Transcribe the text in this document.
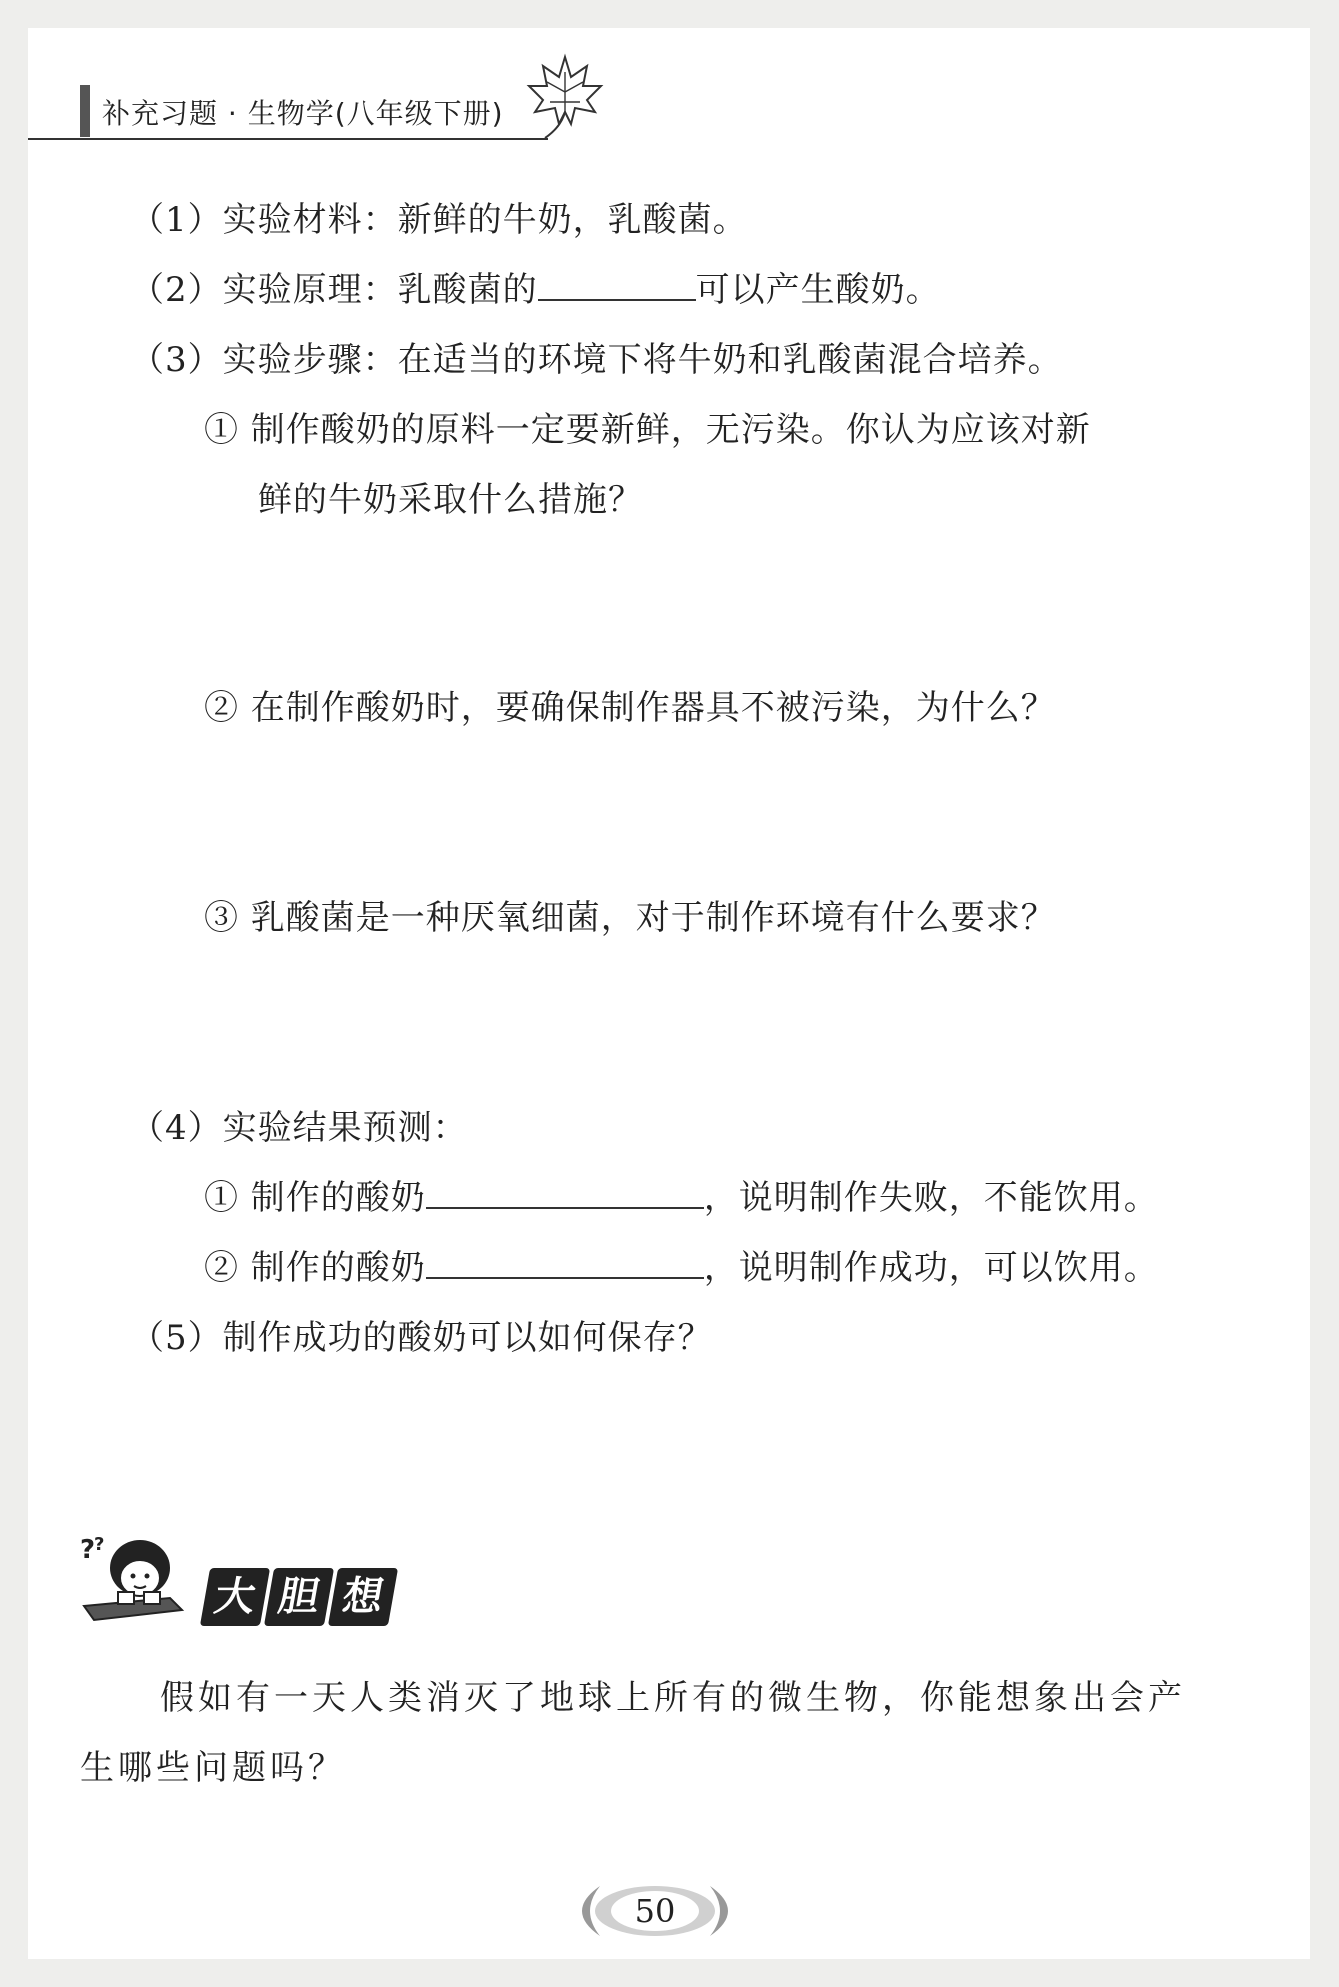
补充习题 · 生物学(八年级下册)
（1）实验材料：新鲜的牛奶，乳酸菌。
（2）实验原理：乳酸菌的	可以产生酸奶。
（3）实验步骤：在适当的环境下将牛奶和乳酸菌混合培养。
① 制作酸奶的原料一定要新鲜，无污染。你认为应该对新
鲜的牛奶采取什么措施？
② 在制作酸奶时，要确保制作器具不被污染，为什么？
③ 乳酸菌是一种厌氧细菌，对于制作环境有什么要求？
（4）实验结果预测：
① 制作的酸奶	，说明制作失败，不能饮用。
② 制作的酸奶	，说明制作成功，可以饮用。
（5）制作成功的酸奶可以如何保存？
?
?
大 胆 想
假如有一天人类消灭了地球上所有的微生物，你能想象出会产
生哪些问题吗？
50
